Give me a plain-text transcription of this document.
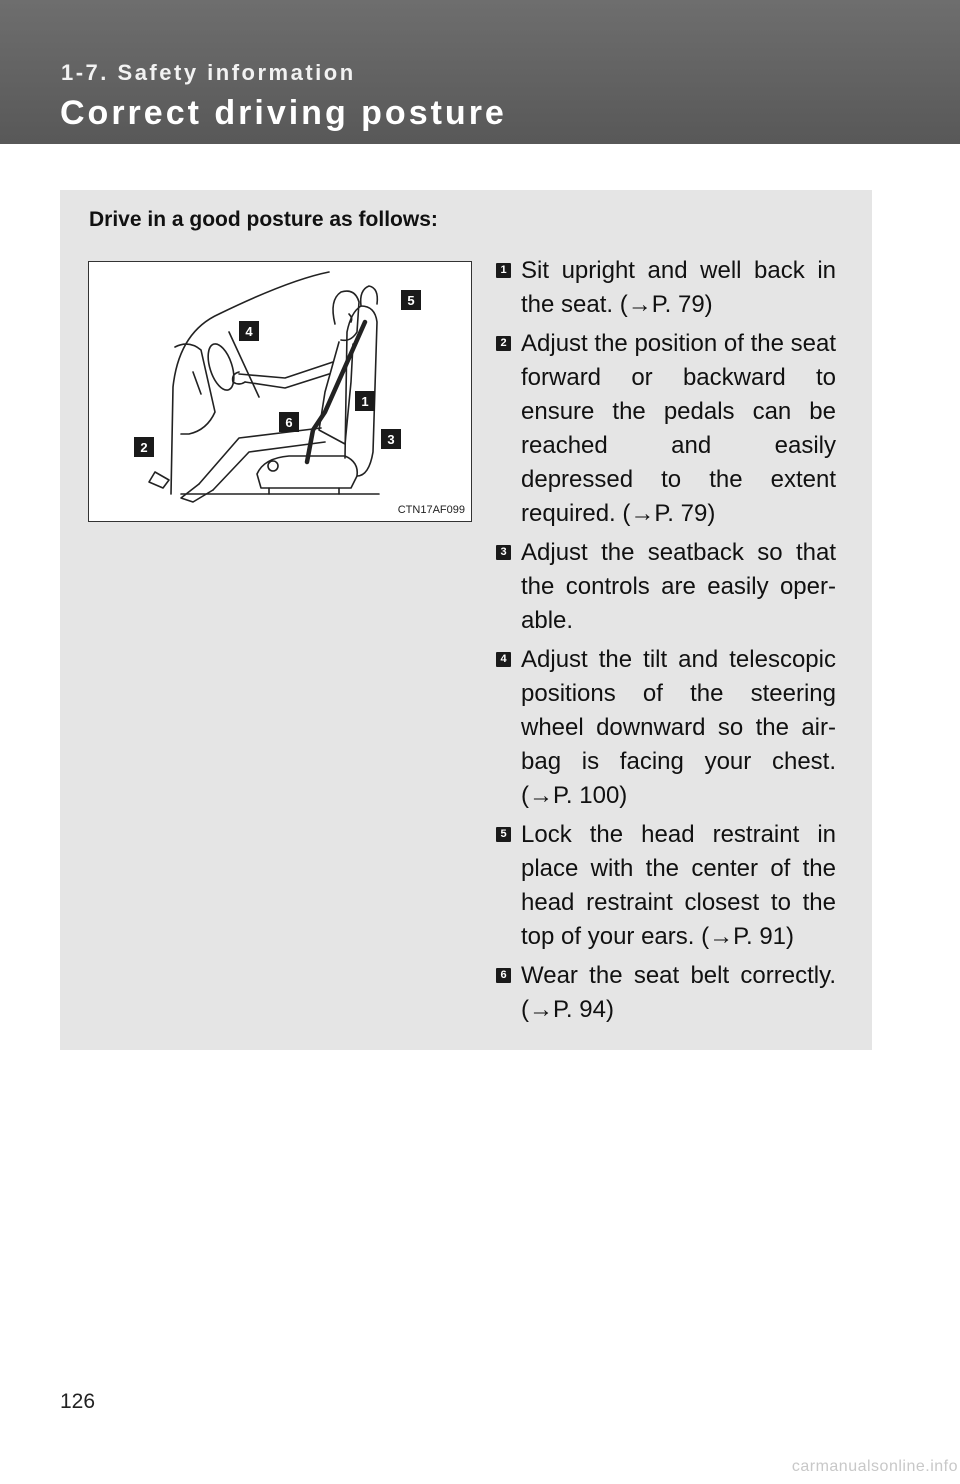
1-7. Safety information
Correct driving posture
Drive in a good posture as follows:
5
4
1
6
3
2
CTN17AF099
1 Sit upright and well back in the seat. (→P. 79)
2 Adjust the position of the seat forward or backward to ensure the pedals can be reached and easily depressed to the extent required. (→P. 79)
3 Adjust the seatback so that the controls are easily oper-able.
4 Adjust the tilt and telescopic positions of the steering wheel downward so the air-bag is facing your chest. (→P. 100)
5 Lock the head restraint in place with the center of the head restraint closest to the top of your ears. (→P. 91)
6 Wear the seat belt correctly. (→P. 94)
126
carmanualsonline.info
